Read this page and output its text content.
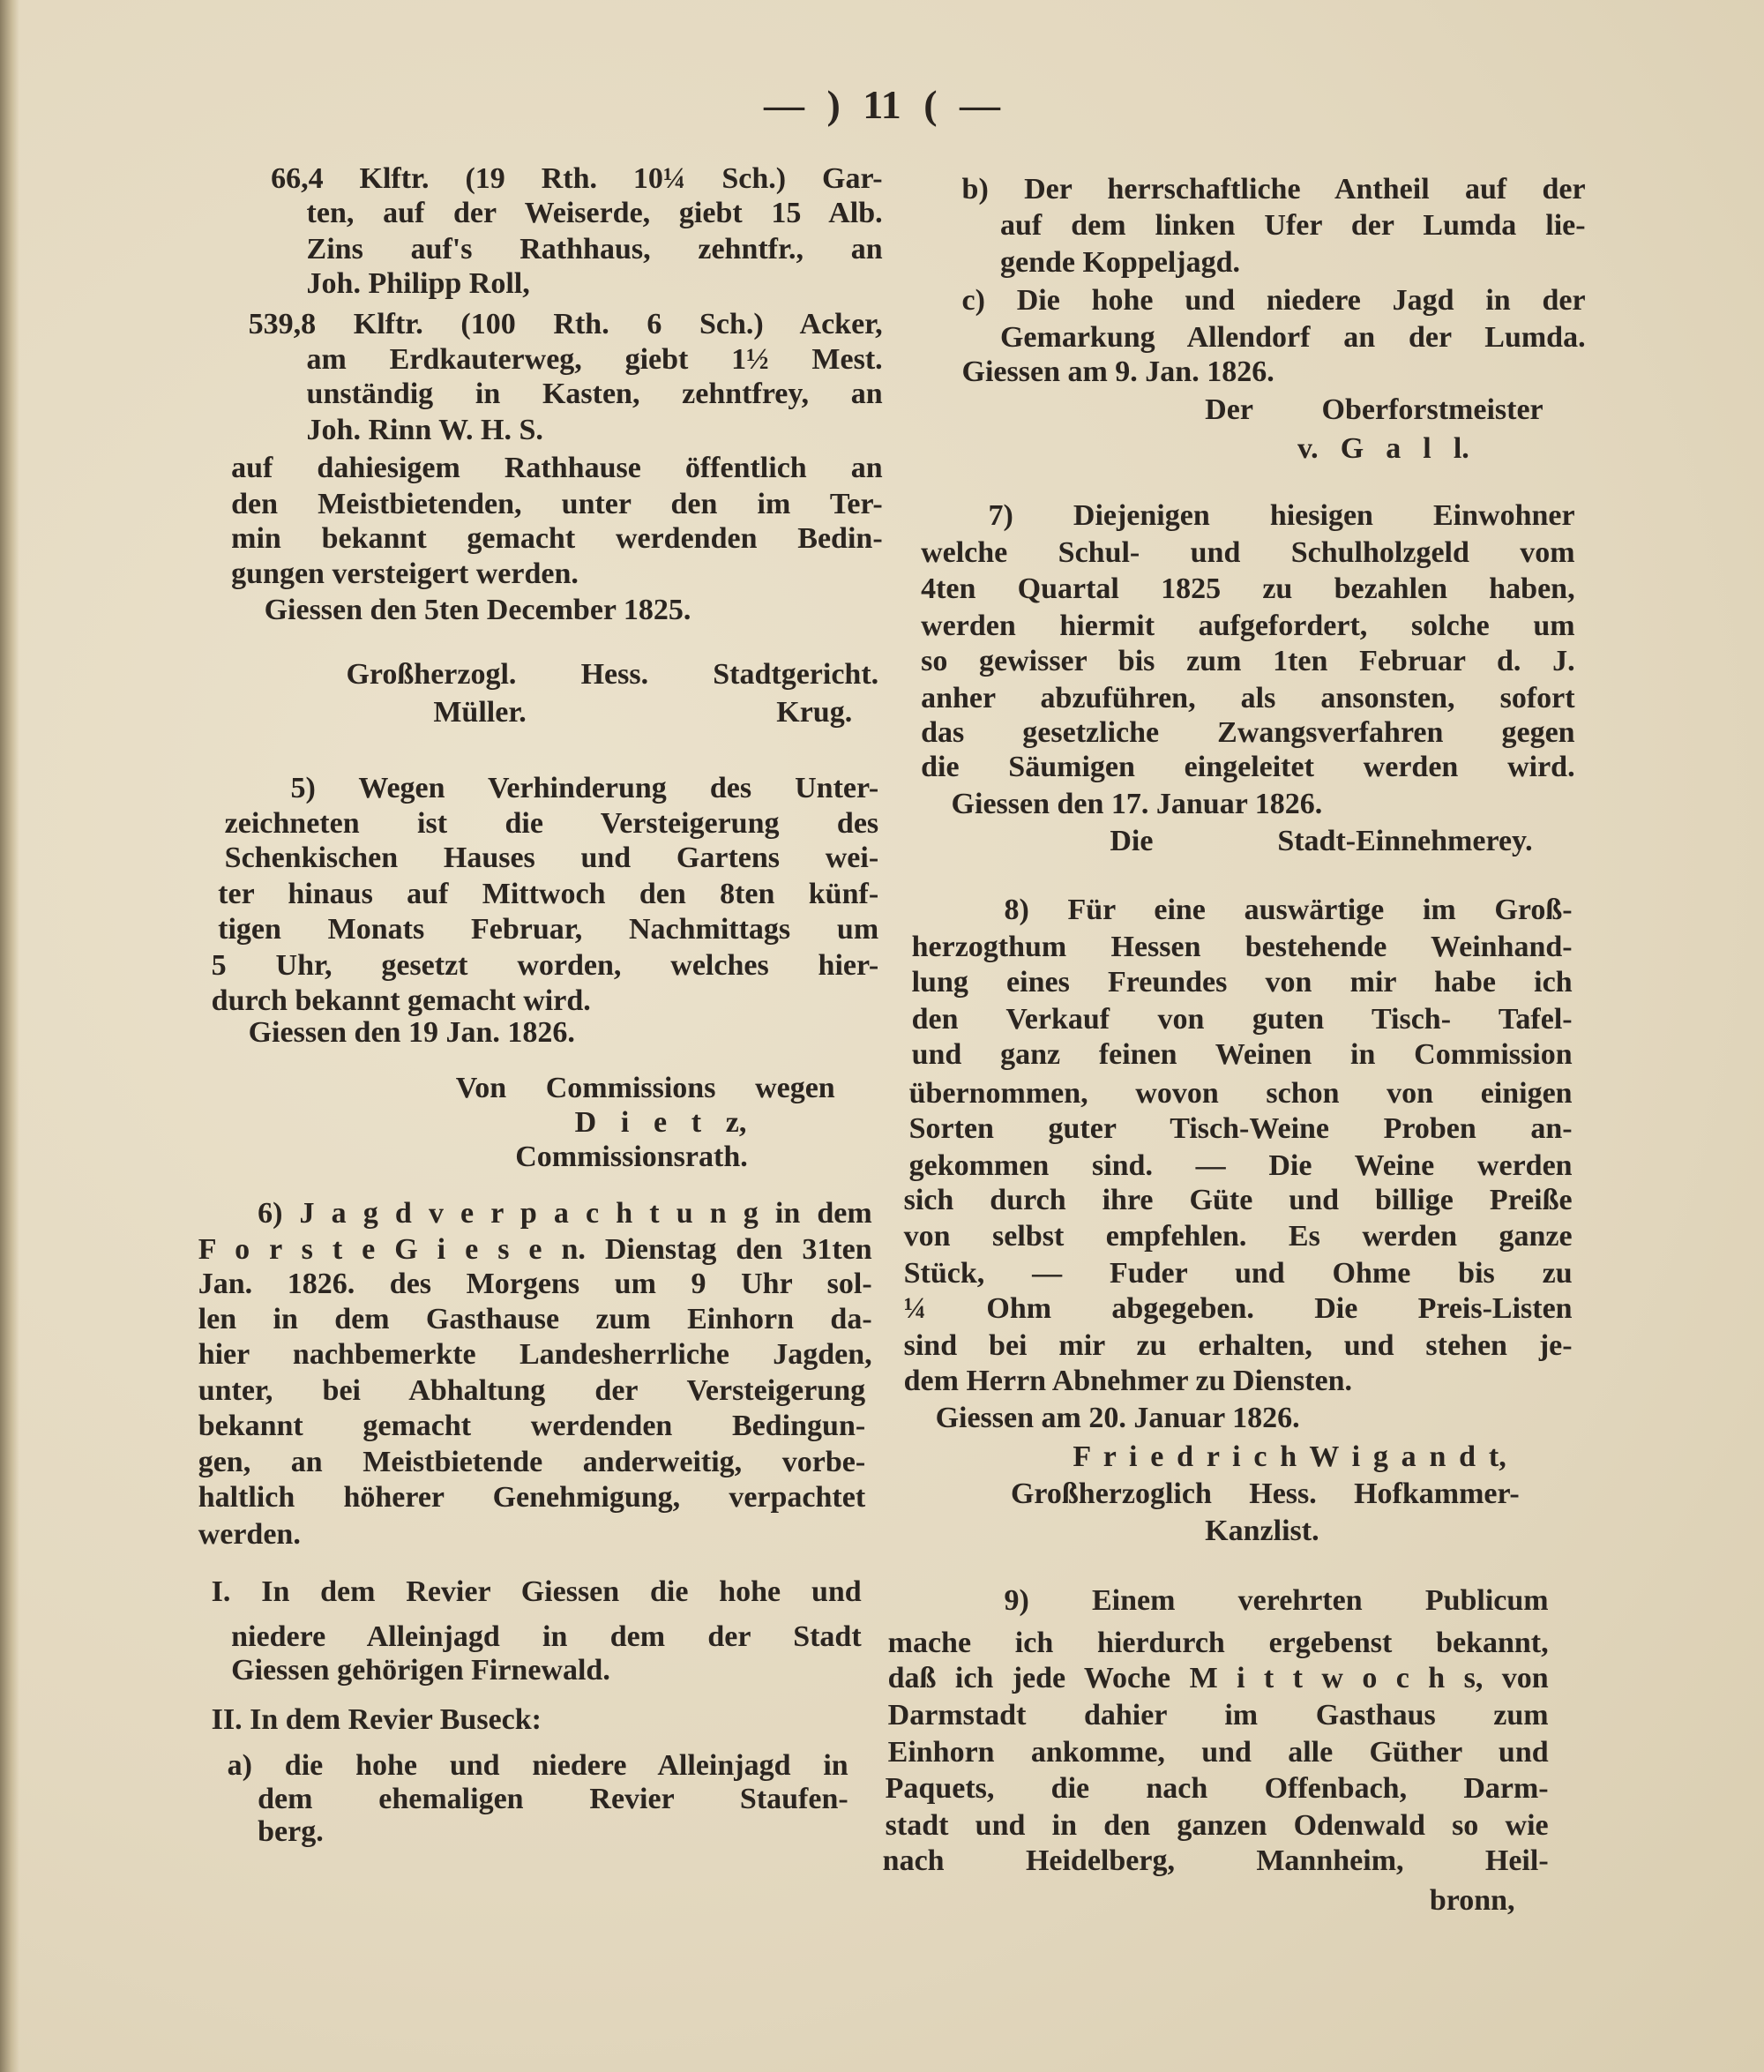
— ) 11 ( —
66,4 Klftr. (19 Rth. 10¼ Sch.) Gar-
ten, auf der Weiserde, giebt 15 Alb.
Zins auf's Rathhaus, zehntfr., an
Joh. Philipp Roll,
539,8 Klftr. (100 Rth. 6 Sch.) Acker,
am Erdkauterweg, giebt 1½ Mest.
unständig in Kasten, zehntfrey, an
Joh. Rinn W. H. S.
auf dahiesigem Rathhause öffentlich an
den Meistbietenden, unter den im Ter-
min bekannt gemacht werdenden Bedin-
gungen versteigert werden.
Giessen den 5ten December 1825.
Großherzogl. Hess. Stadtgericht.
Müller. Krug.
5) Wegen Verhinderung des Unter-
zeichneten ist die Versteigerung des
Schenkischen Hauses und Gartens wei-
ter hinaus auf Mittwoch den 8ten künf-
tigen Monats Februar, Nachmittags um
5 Uhr, gesetzt worden, welches hier-
durch bekannt gemacht wird.
Giessen den 19 Jan. 1826.
Von Commissions wegen
D i e t z,
Commissionsrath.
6) J a g d v e r p a c h t u n g in dem
F o r s t e G i e s e n. Dienstag den 31ten
Jan. 1826. des Morgens um 9 Uhr sol-
len in dem Gasthause zum Einhorn da-
hier nachbemerkte Landesherrliche Jagden,
unter, bei Abhaltung der Versteigerung
bekannt gemacht werdenden Bedingun-
gen, an Meistbietende anderweitig, vorbe-
haltlich höherer Genehmigung, verpachtet
werden.
I. In dem Revier Giessen die hohe und
niedere Alleinjagd in dem der Stadt
Giessen gehörigen Firnewald.
II. In dem Revier Buseck:
a) die hohe und niedere Alleinjagd in
dem ehemaligen Revier Staufen-
berg.
b) Der herrschaftliche Antheil auf der
auf dem linken Ufer der Lumda lie-
gende Koppeljagd.
c) Die hohe und niedere Jagd in der
Gemarkung Allendorf an der Lumda.
Giessen am 9. Jan. 1826.
Der Oberforstmeister
v. G a l l.
7) Diejenigen hiesigen Einwohner
welche Schul- und Schulholzgeld vom
4ten Quartal 1825 zu bezahlen haben,
werden hiermit aufgefordert, solche um
so gewisser bis zum 1ten Februar d. J.
anher abzuführen, als ansonsten, sofort
das gesetzliche Zwangsverfahren gegen
die Säumigen eingeleitet werden wird.
Giessen den 17. Januar 1826.
Die Stadt-Einnehmerey.
8) Für eine auswärtige im Groß-
herzogthum Hessen bestehende Weinhand-
lung eines Freundes von mir habe ich
den Verkauf von guten Tisch- Tafel-
und ganz feinen Weinen in Commission
übernommen, wovon schon von einigen
Sorten guter Tisch-Weine Proben an-
gekommen sind. — Die Weine werden
sich durch ihre Güte und billige Preiße
von selbst empfehlen. Es werden ganze
Stück, — Fuder und Ohme bis zu
¼ Ohm abgegeben. Die Preis-Listen
sind bei mir zu erhalten, und stehen je-
dem Herrn Abnehmer zu Diensten.
Giessen am 20. Januar 1826.
F r i e d r i c h W i g a n d t,
Großherzoglich Hess. Hofkammer-
Kanzlist.
9) Einem verehrten Publicum
mache ich hierdurch ergebenst bekannt,
daß ich jede Woche M i t t w o c h s, von
Darmstadt dahier im Gasthaus zum
Einhorn ankomme, und alle Güther und
Paquets, die nach Offenbach, Darm-
stadt und in den ganzen Odenwald so wie
nach Heidelberg, Mannheim, Heil-
bronn,
